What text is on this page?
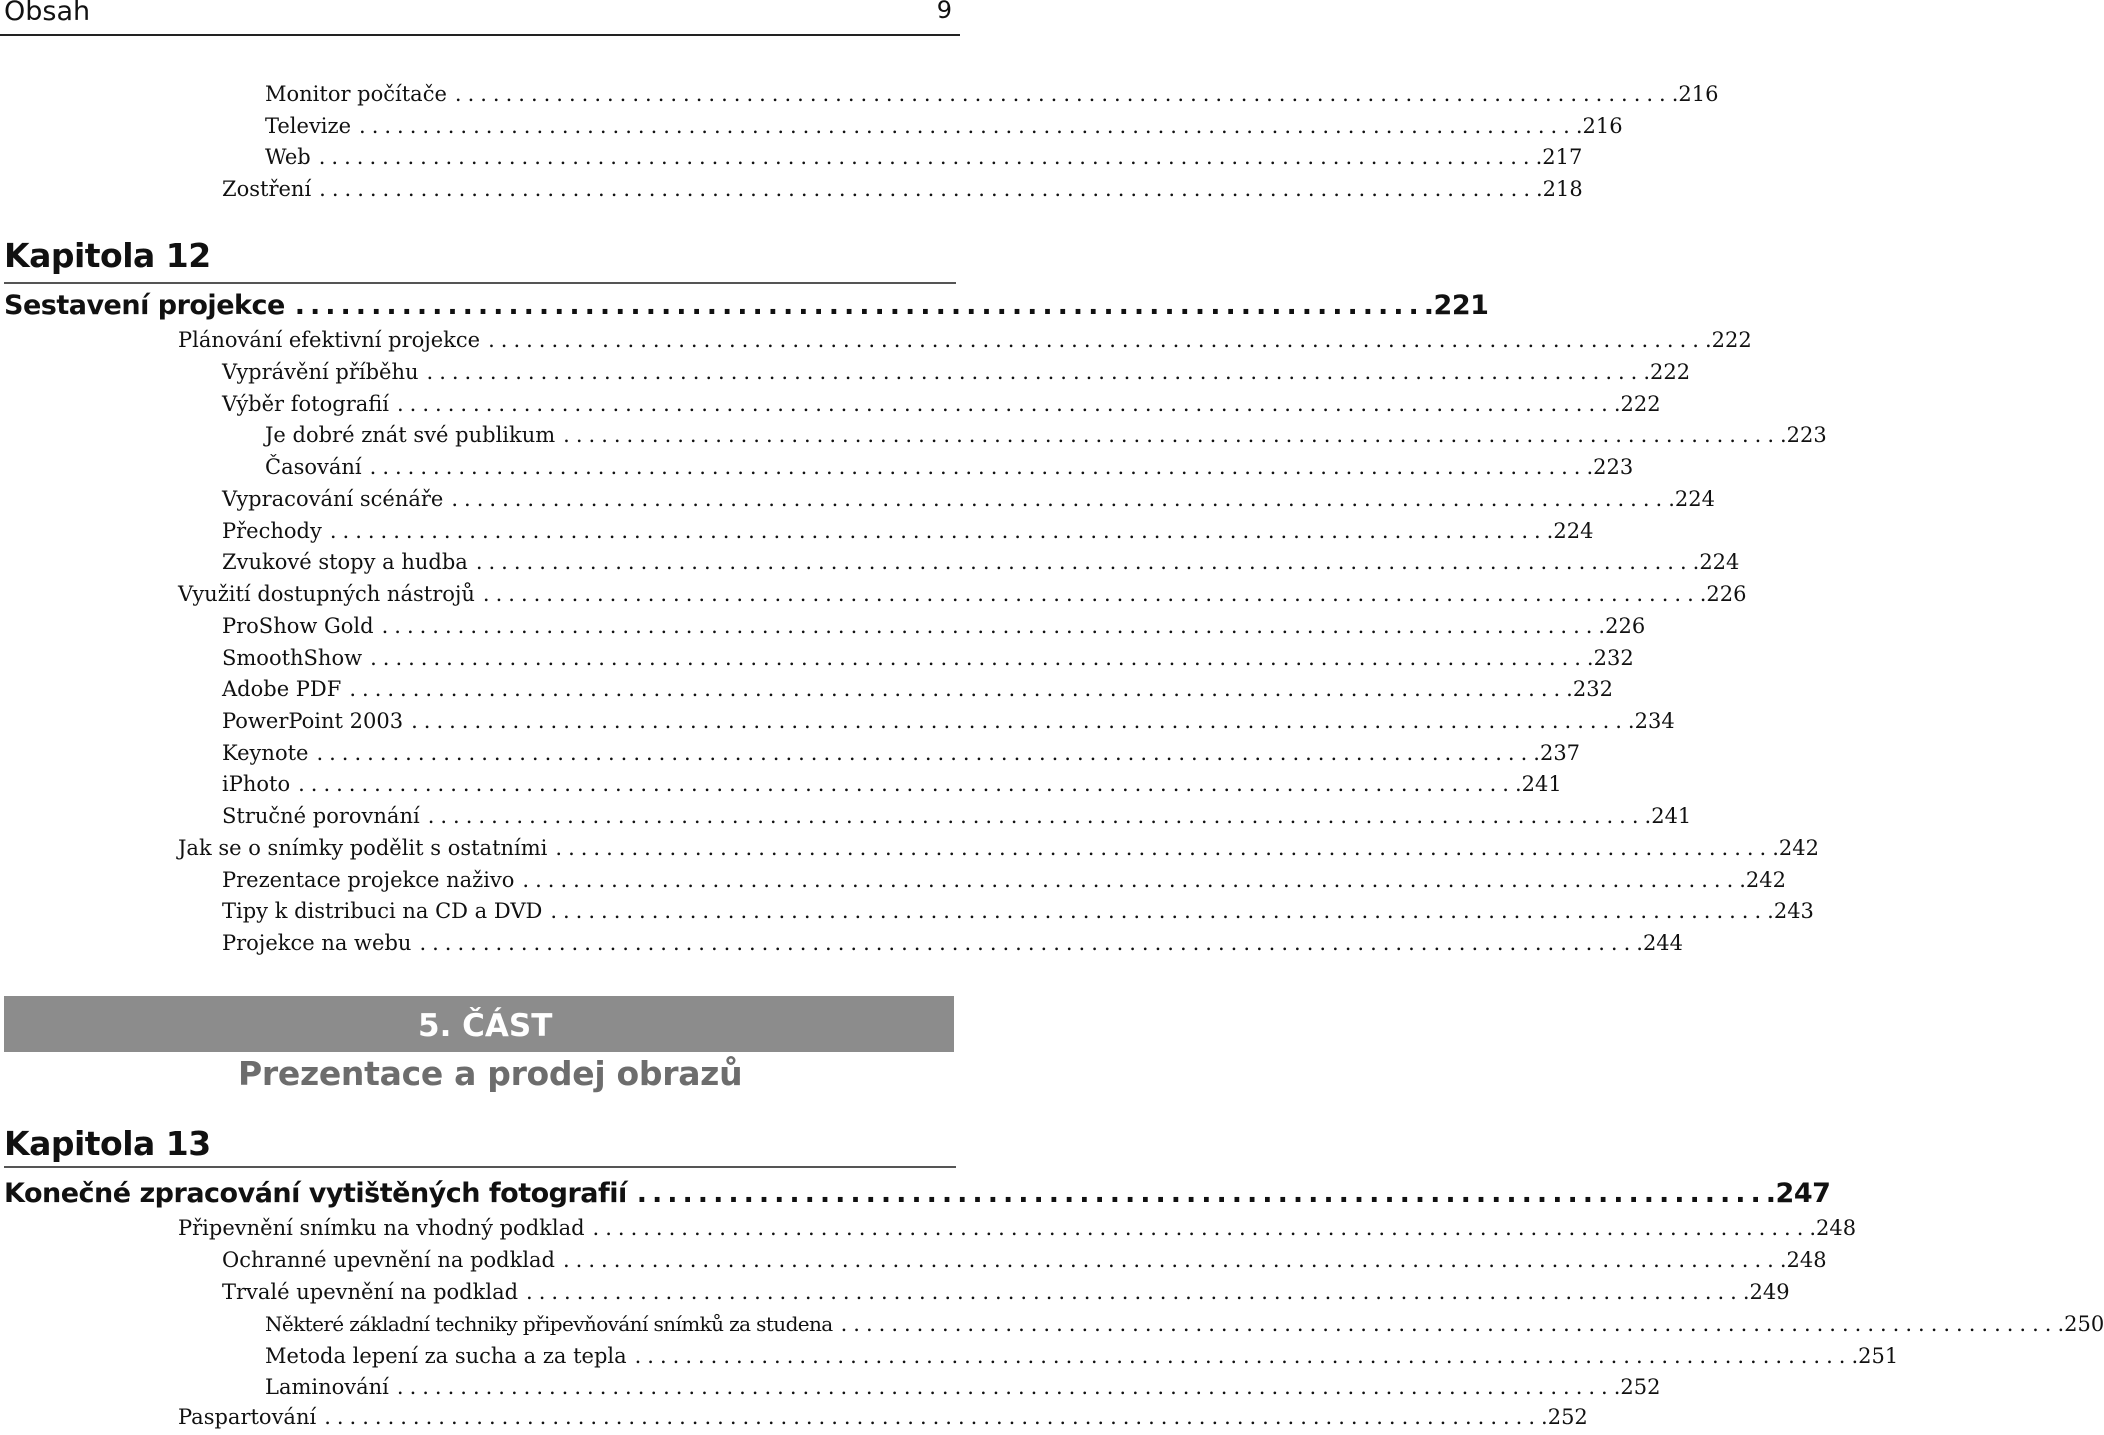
Obsah	9
Monitor počítače ................................................................................................ .216
Televize ................................................................................................ .216
Web ................................................................................................ .217
Zostření ................................................................................................ .218
Kapitola 12
Sestavení projekce .......................................................................... .221
Plánování efektivní projekce ................................................................................................ .222
Vyprávění příběhu ................................................................................................ .222
Výběr fotografií ................................................................................................ .222
Je dobré znát své publikum ................................................................................................ .223
Časování ................................................................................................ .223
Vypracování scénáře ................................................................................................ .224
Přechody ................................................................................................ .224
Zvukové stopy a hudba ................................................................................................ .224
Využití dostupných nástrojů ................................................................................................ .226
ProShow Gold ................................................................................................ .226
SmoothShow ................................................................................................ .232
Adobe PDF ................................................................................................ .232
PowerPoint 2003 ................................................................................................ .234
Keynote ................................................................................................ .237
iPhoto ................................................................................................ .241
Stručné porovnání ................................................................................................ .241
Jak se o snímky podělit s ostatními ................................................................................................ .242
Prezentace projekce naživo ................................................................................................ .242
Tipy k distribuci na CD a DVD ................................................................................................ .243
Projekce na webu ................................................................................................ .244
5. ČÁST
Prezentace a prodej obrazů
Kapitola 13
Konečné zpracování vytištěných fotografií .......................................................................... .247
Připevnění snímku na vhodný podklad ................................................................................................ .248
Ochranné upevnění na podklad ................................................................................................ .248
Trvalé upevnění na podklad ................................................................................................ .249
Některé základní techniky připevňování snímků za studena ................................................................................................ .250
Metoda lepení za sucha a za tepla ................................................................................................ .251
Laminování ................................................................................................ .252
Paspartování ................................................................................................ .252
